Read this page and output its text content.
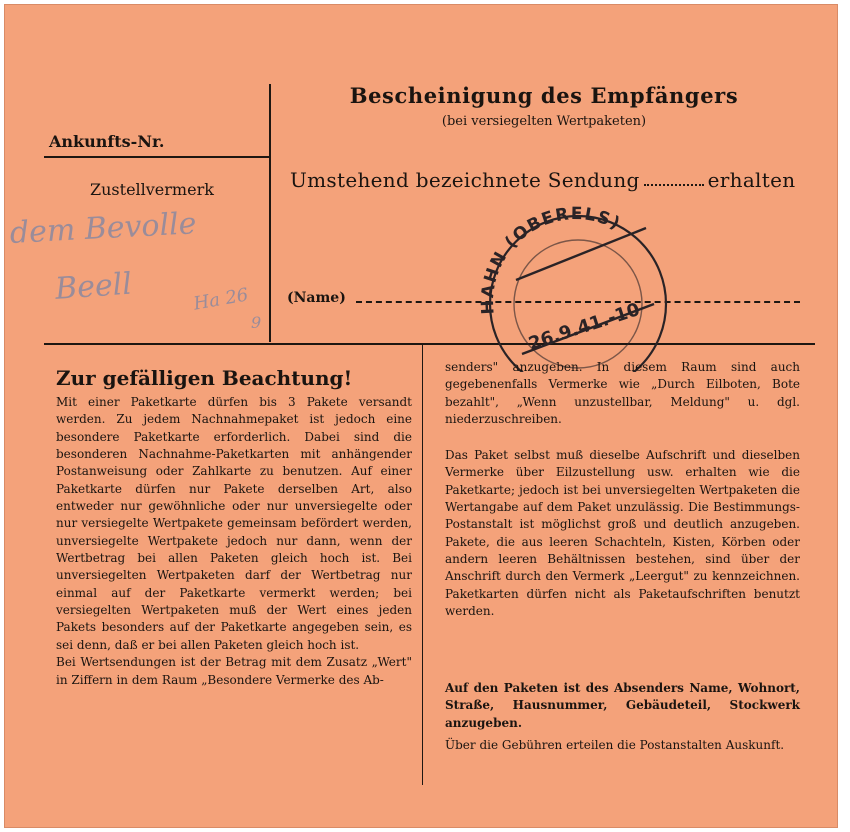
Bescheinigung des Empfängers
(bei versiegelten Wertpaketen)
Ankunfts-Nr.
Zustellvermerk	Umstehend bezeichnete Sendung	erhalten
(Name)
dem Bevolle
Beell	Ha 26
9
HAHN (OBERELS)
26.9.41.-10
Zur gefälligen Beachtung!

Mit einer Paketkarte dürfen bis 3 Pakete versandt werden. Zu jedem Nachnahmepaket ist jedoch eine besondere Paketkarte erforderlich. Dabei sind die besonderen Nachnahme-Paketkarten mit anhängender Postanweisung oder Zahlkarte zu benutzen. Auf einer Paketkarte dürfen nur Pakete derselben Art, also entweder nur gewöhnliche oder nur unversiegelte oder nur versiegelte Wertpakete gemeinsam befördert werden, unversiegelte Wertpakete jedoch nur dann, wenn der Wertbetrag bei allen Paketen gleich hoch ist. Bei unversiegelten Wertpaketen darf der Wertbetrag nur einmal auf der Paketkarte vermerkt werden; bei versiegelten Wertpaketen muß der Wert eines jeden Pakets besonders auf der Paketkarte angegeben sein, es sei denn, daß er bei allen Paketen gleich hoch ist.

Bei Wertsendungen ist der Betrag mit dem Zusatz „Wert" in Ziffern in dem Raum „Besondere Vermerke des Ab-

senders" anzugeben. In diesem Raum sind auch gegebenenfalls Vermerke wie „Durch Eilboten, Bote bezahlt", „Wenn unzustellbar, Meldung" u. dgl. niederzuschreiben.
Das Paket selbst muß dieselbe Aufschrift und dieselben Vermerke über Eilzustellung usw. erhalten wie die Paketkarte; jedoch ist bei unversiegelten Wertpaketen die Wertangabe auf dem Paket unzulässig. Die Bestimmungs-Postanstalt ist möglichst groß und deutlich anzugeben. Pakete, die aus leeren Schachteln, Kisten, Körben oder andern leeren Behältnissen bestehen, sind über der Anschrift durch den Vermerk „Leergut" zu kennzeichnen. Paketkarten dürfen nicht als Paketaufschriften benutzt werden.
Auf den Paketen ist des Absenders Name, Wohnort, Straße, Hausnummer, Gebäudeteil, Stockwerk anzugeben.
Über die Gebühren erteilen die Postanstalten Auskunft.
